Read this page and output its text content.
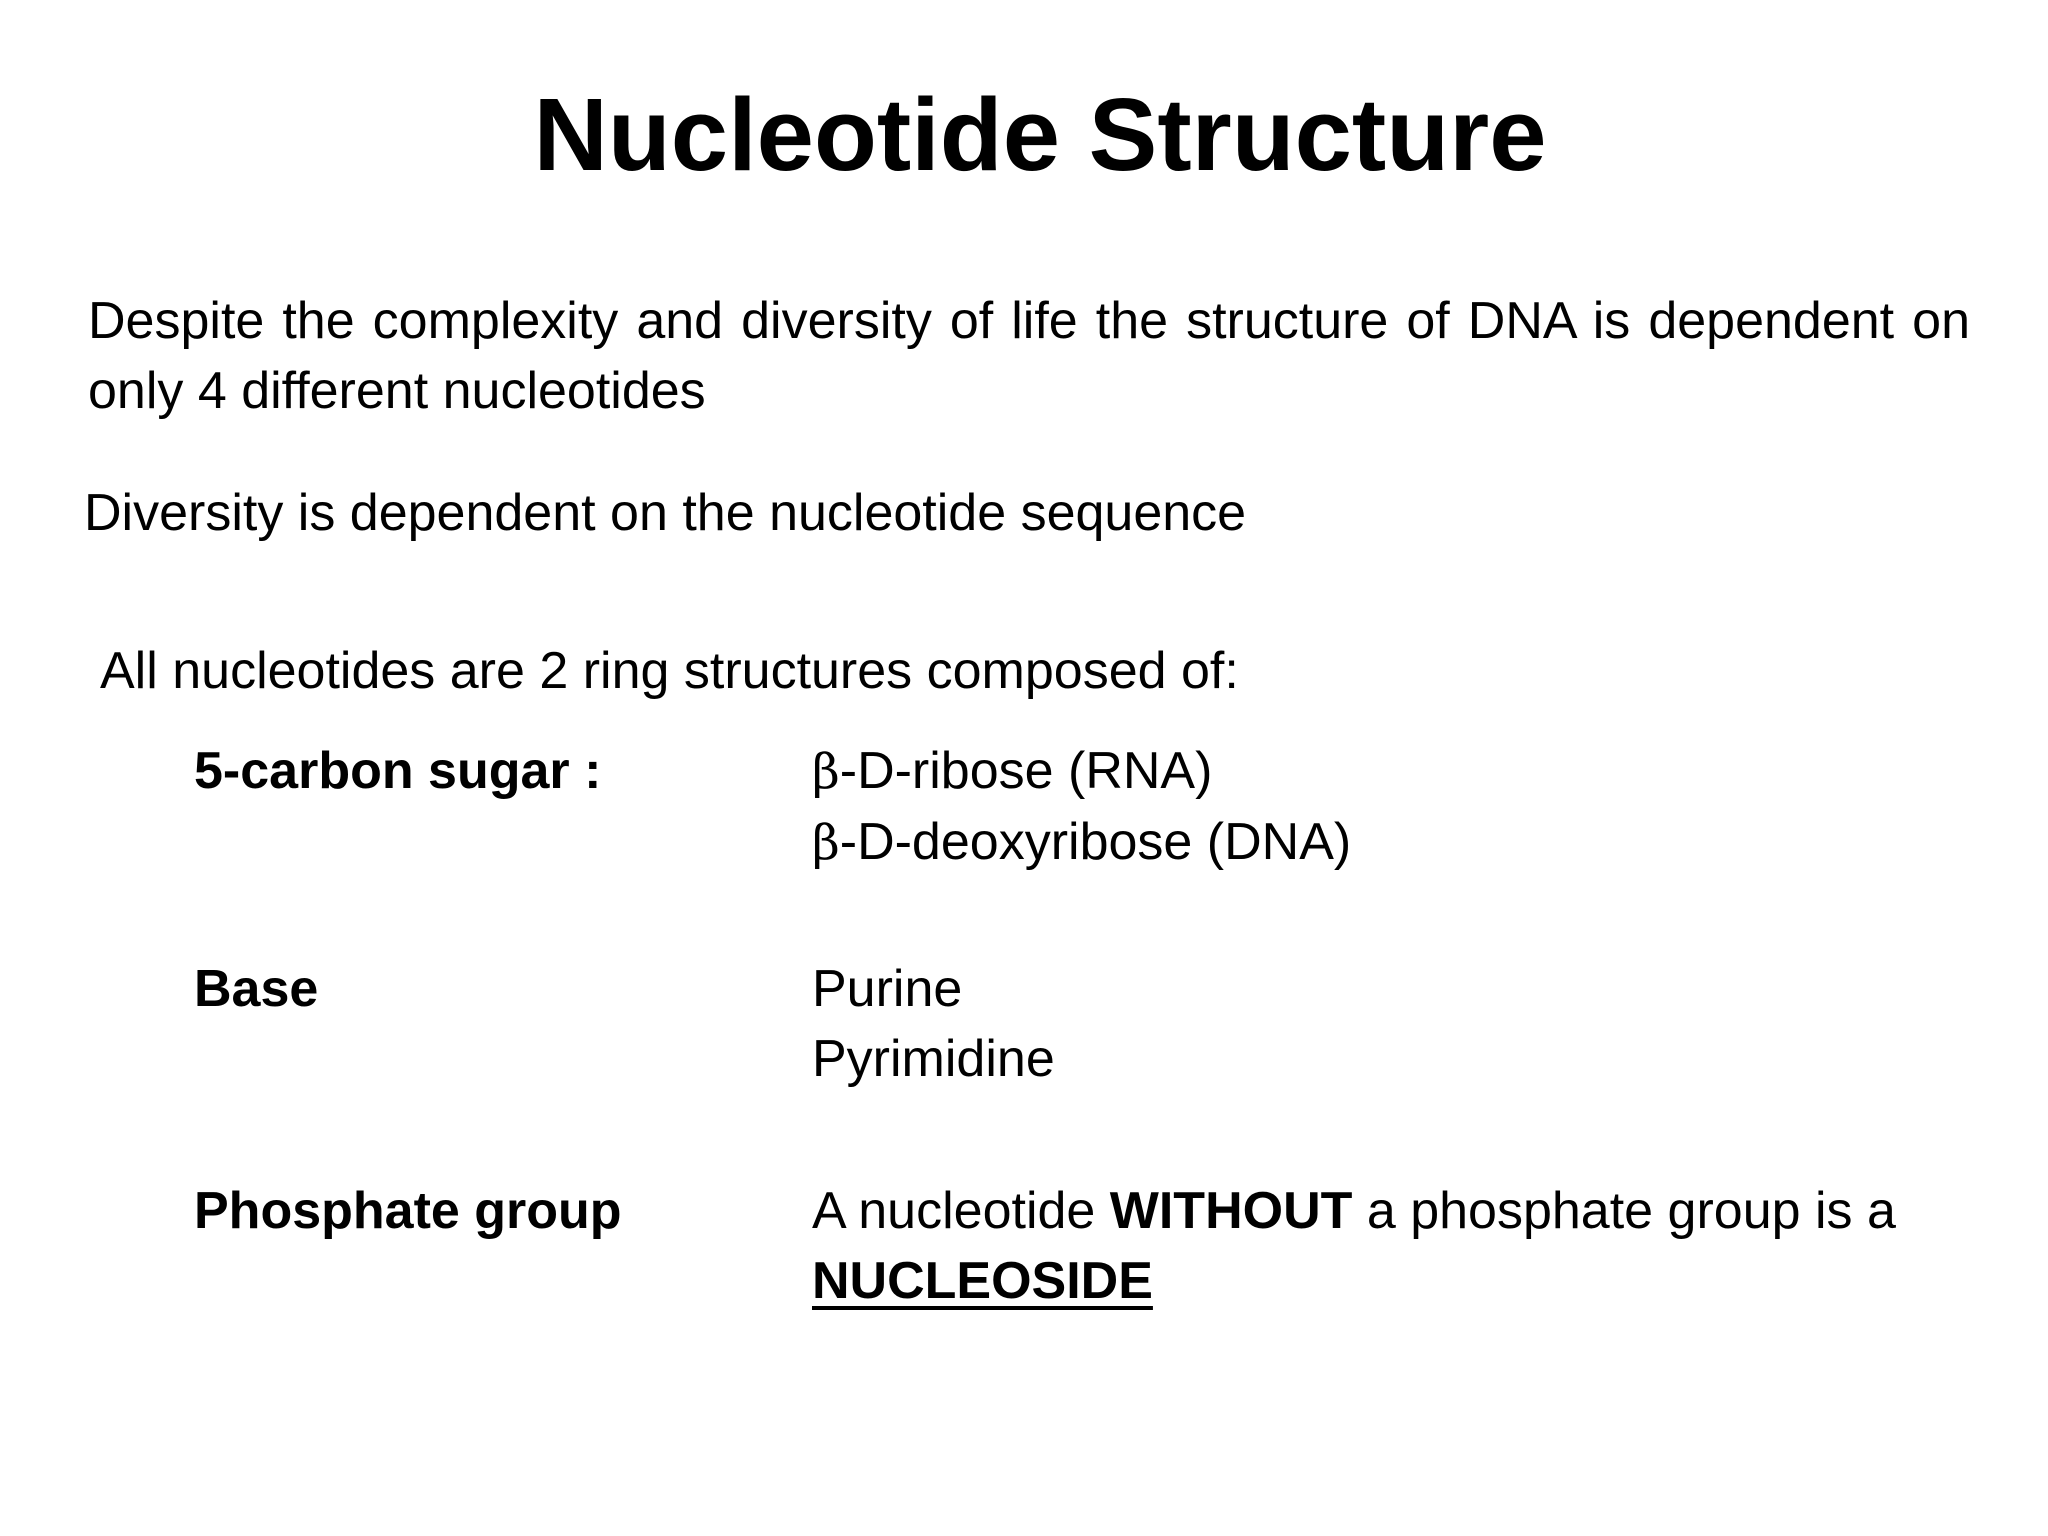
Nucleotide Structure

Despite the complexity and diversity of life the structure of DNA is dependent on only 4 different nucleotides

Diversity is dependent on the nucleotide sequence

All nucleotides are 2 ring structures composed of:

5-carbon sugar :	β-D-ribose (RNA)
β-D-deoxyribose (DNA)

Base	Purine
Pyrimidine

Phosphate group	A nucleotide WITHOUT a phosphate group is a
NUCLEOSIDE
